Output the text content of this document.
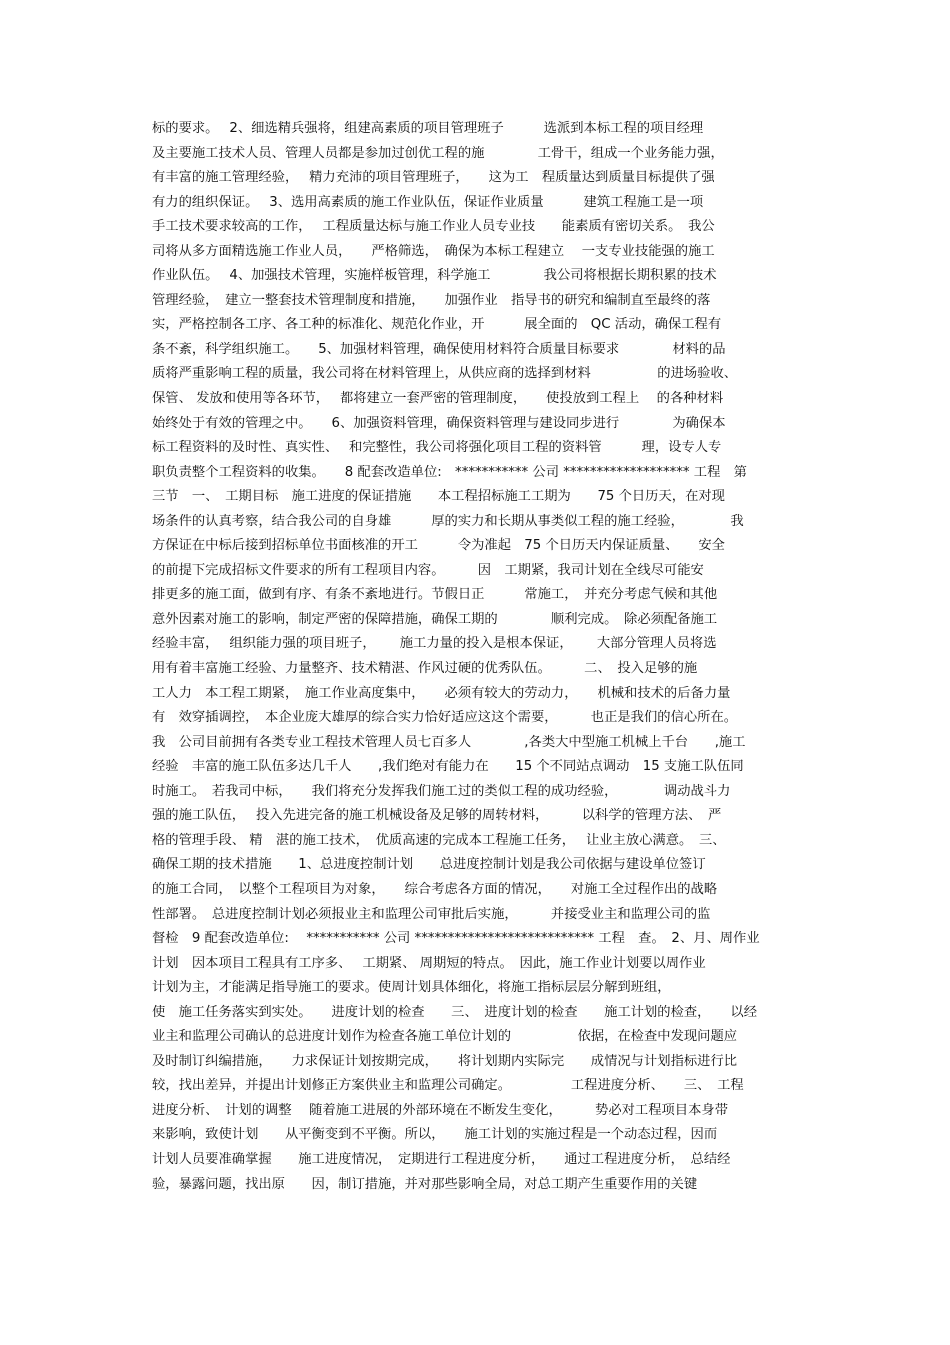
标的要求。　 2、细选精兵强将，组建高素质的项目管理班子　　　选派到本标工程的项目经理
及主要施工技术人员、管理人员都是参加过创优工程的施　　　　工骨干，组成一个业务能力强，
有丰富的施工管理经验，　 精力充沛的项目管理班子，　　这为工　程质量达到质量目标提供了强
有力的组织保证。　 3、选用高素质的施工作业队伍，保证作业质量　　　建筑工程施工是一项
手工技术要求较高的工作，　 工程质量达标与施工作业人员专业技　　能素质有密切关系。　我公
司将从多方面精选施工作业人员，　　严格筛选，　确保为本标工程建立　 一支专业技能强的施工
作业队伍。　 4、加强技术管理，实施样板管理，科学施工　　　　我公司将根据长期积累的技术
管理经验，　建立一整套技术管理制度和措施，　　加强作业　指导书的研究和编制直至最终的落
实，严格控制各工序、各工种的标准化、规范化作业，开　　　展全面的　QC 活动，确保工程有
条不紊，科学组织施工。　　5、加强材料管理，确保使用材料符合质量目标要求　　　　材料的品
质将严重影响工程的质量，我公司将在材料管理上，从供应商的选择到材料　　　　　的进场验收、
保管、 发放和使用等各环节，　 都将建立一套严密的管理制度，　　使投放到工程上　 的各种材料
始终处于有效的管理之中。　　6、加强资料管理，确保资料管理与建设同步进行　　　　为确保本
标工程资料的及时性、真实性、　 和完整性，我公司将强化项目工程的资料管　　　理，设专人专
职负责整个工程资料的收集。　　8 配套改造单位:　*********** 公司 ******************* 工程　第
三节　一、　工期目标　施工进度的保证措施　　本工程招标施工工期为　　75 个日历天，在对现
场条件的认真考察，结合我公司的自身雄　　　厚的实力和长期从事类似工程的施工经验，　　　　我
方保证在中标后接到招标单位书面核准的开工　　　令为准起　75 个日历天内保证质量、　　安全
的前提下完成招标文件要求的所有工程项目内容。　　　因　工期紧，我司计划在全线尽可能安
排更多的施工面，做到有序、有条不紊地进行。节假日正　　　常施工，　并充分考虑气候和其他
意外因素对施工的影响，制定严密的保障措施，确保工期的　　　　顺利完成。　除必须配备施工
经验丰富，　 组织能力强的项目班子，　　 施工力量的投入是根本保证，　　 大部分管理人员将选
用有着丰富施工经验、力量整齐、技术精湛、作风过硬的优秀队伍。　　　二、　投入足够的施
工人力　本工程工期紧，　施工作业高度集中，　　必须有较大的劳动力，　　机械和技术的后备力量
有　效穿插调控，　本企业庞大雄厚的综合实力恰好适应这这个需要，　　　也正是我们的信心所在。
我　公司目前拥有各类专业工程技术管理人员七百多人　　　　,各类大中型施工机械上千台　　,施工
经验　丰富的施工队伍多达几千人　　,我们绝对有能力在　　15 个不同站点调动　15 支施工队伍同
时施工。　若我司中标，　　我们将充分发挥我们施工过的类似工程的成功经验，　　　　调动战斗力
强的施工队伍，　 投入先进完备的施工机械设备及足够的周转材料，　　　以科学的管理方法、　严
格的管理手段、 精　湛的施工技术，　优质高速的完成本工程施工任务，　 让业主放心满意。　三、
确保工期的技术措施　　1、总进度控制计划　　总进度控制计划是我公司依据与建设单位签订
的施工合同，　以整个工程项目为对象，　　综合考虑各方面的情况，　　对施工全过程作出的战略
性部署。　总进度控制计划必须报业主和监理公司审批后实施，　　　并接受业主和监理公司的监
督检　9 配套改造单位:　 *********** 公司 *************************** 工程　查。　2、月、周作业
计划　因本项目工程具有工序多、　 工期紧、 周期短的特点。　因此，施工作业计划要以周作业
计划为主，才能满足指导施工的要求。使周计划具体细化，将施工指标层层分解到班组，
使　施工任务落实到实处。　　进度计划的检查　　三、　进度计划的检查　　施工计划的检查，　　以经
业主和监理公司确认的总进度计划作为检查各施工单位计划的　　　　　依据，在检查中发现问题应
及时制订纠编措施，　　力求保证计划按期完成，　　将计划期内实际完　　成情况与计划指标进行比
较，找出差异，并提出计划修正方案供业主和监理公司确定。　　　　　工程进度分析、　　三、　工程
进度分析、　计划的调整　 随着施工进展的外部环境在不断发生变化，　　　势必对工程项目本身带
来影响，致使计划　　从平衡变到不平衡。所以，　　施工计划的实施过程是一个动态过程，因而
计划人员要准确掌握　　施工进度情况，　定期进行工程进度分析，　　通过工程进度分析，　总结经
验，暴露问题，找出原　　因，制订措施，并对那些影响全局，对总工期产生重要作用的关键
